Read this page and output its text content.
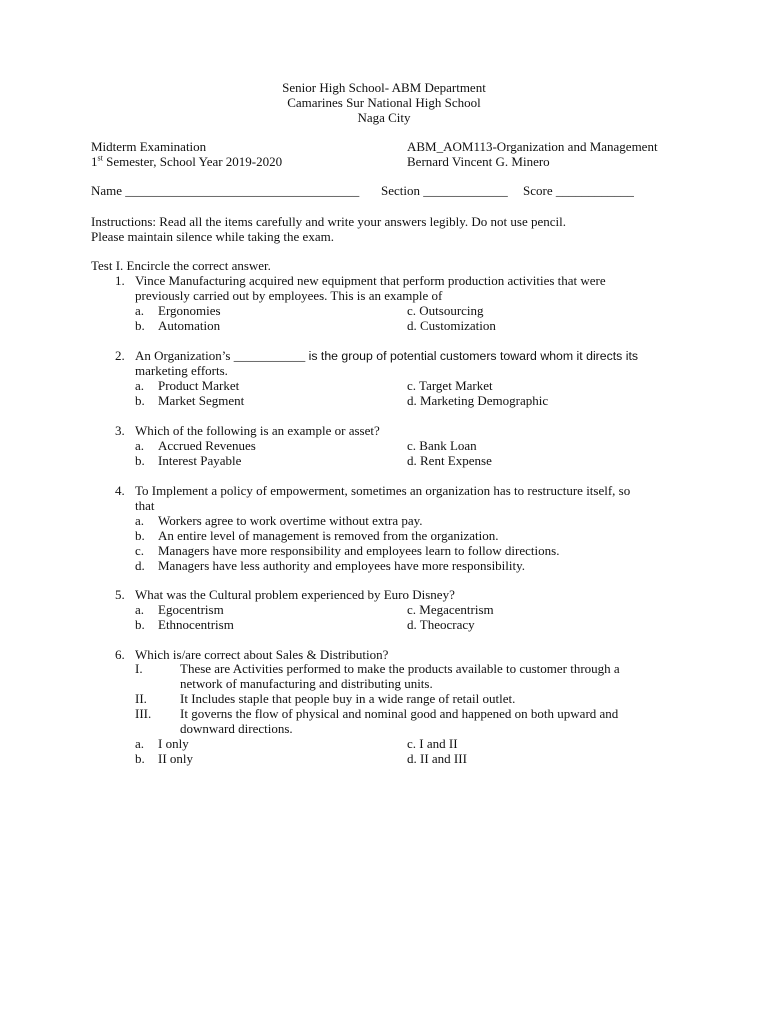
Senior High School- ABM Department
Camarines Sur National High School
Naga City
Midterm Examination
1st Semester, School Year 2019-2020
ABM_AOM113-Organization and Management
Bernard Vincent G. Minero
Name ____________________________________ Section _____________ Score ____________
Instructions: Read all the items carefully and write your answers legibly. Do not use pencil.
Please maintain silence while taking the exam.
Test I. Encircle the correct answer.
1. Vince Manufacturing acquired new equipment that perform production activities that were
previously carried out by employees. This is an example of
a. Ergonomies
b. Automation
c. Outsourcing
d. Customization
2. An Organization’s ___________ is the group of potential customers toward whom it directs its
marketing efforts.
a. Product Market
b. Market Segment
c. Target Market
d. Marketing Demographic
3. Which of the following is an example or asset?
a. Accrued Revenues
b. Interest Payable
c. Bank Loan
d. Rent Expense
4. To Implement a policy of empowerment, sometimes an organization has to restructure itself, so
that
a. Workers agree to work overtime without extra pay.
b. An entire level of management is removed from the organization.
c. Managers have more responsibility and employees learn to follow directions.
d. Managers have less authority and employees have more responsibility.
5. What was the Cultural problem experienced by Euro Disney?
a. Egocentrism
b. Ethnocentrism
c. Megacentrism
d. Theocracy
6. Which is/are correct about Sales & Distribution?
I.	These are Activities performed to make the products available to customer through a
network of manufacturing and distributing units.
II.	It Includes staple that people buy in a wide range of retail outlet.
III. It governs the flow of physical and nominal good and happened on both upward and
downward directions.
a. I only
b. II only
c. I and II
d. II and III
